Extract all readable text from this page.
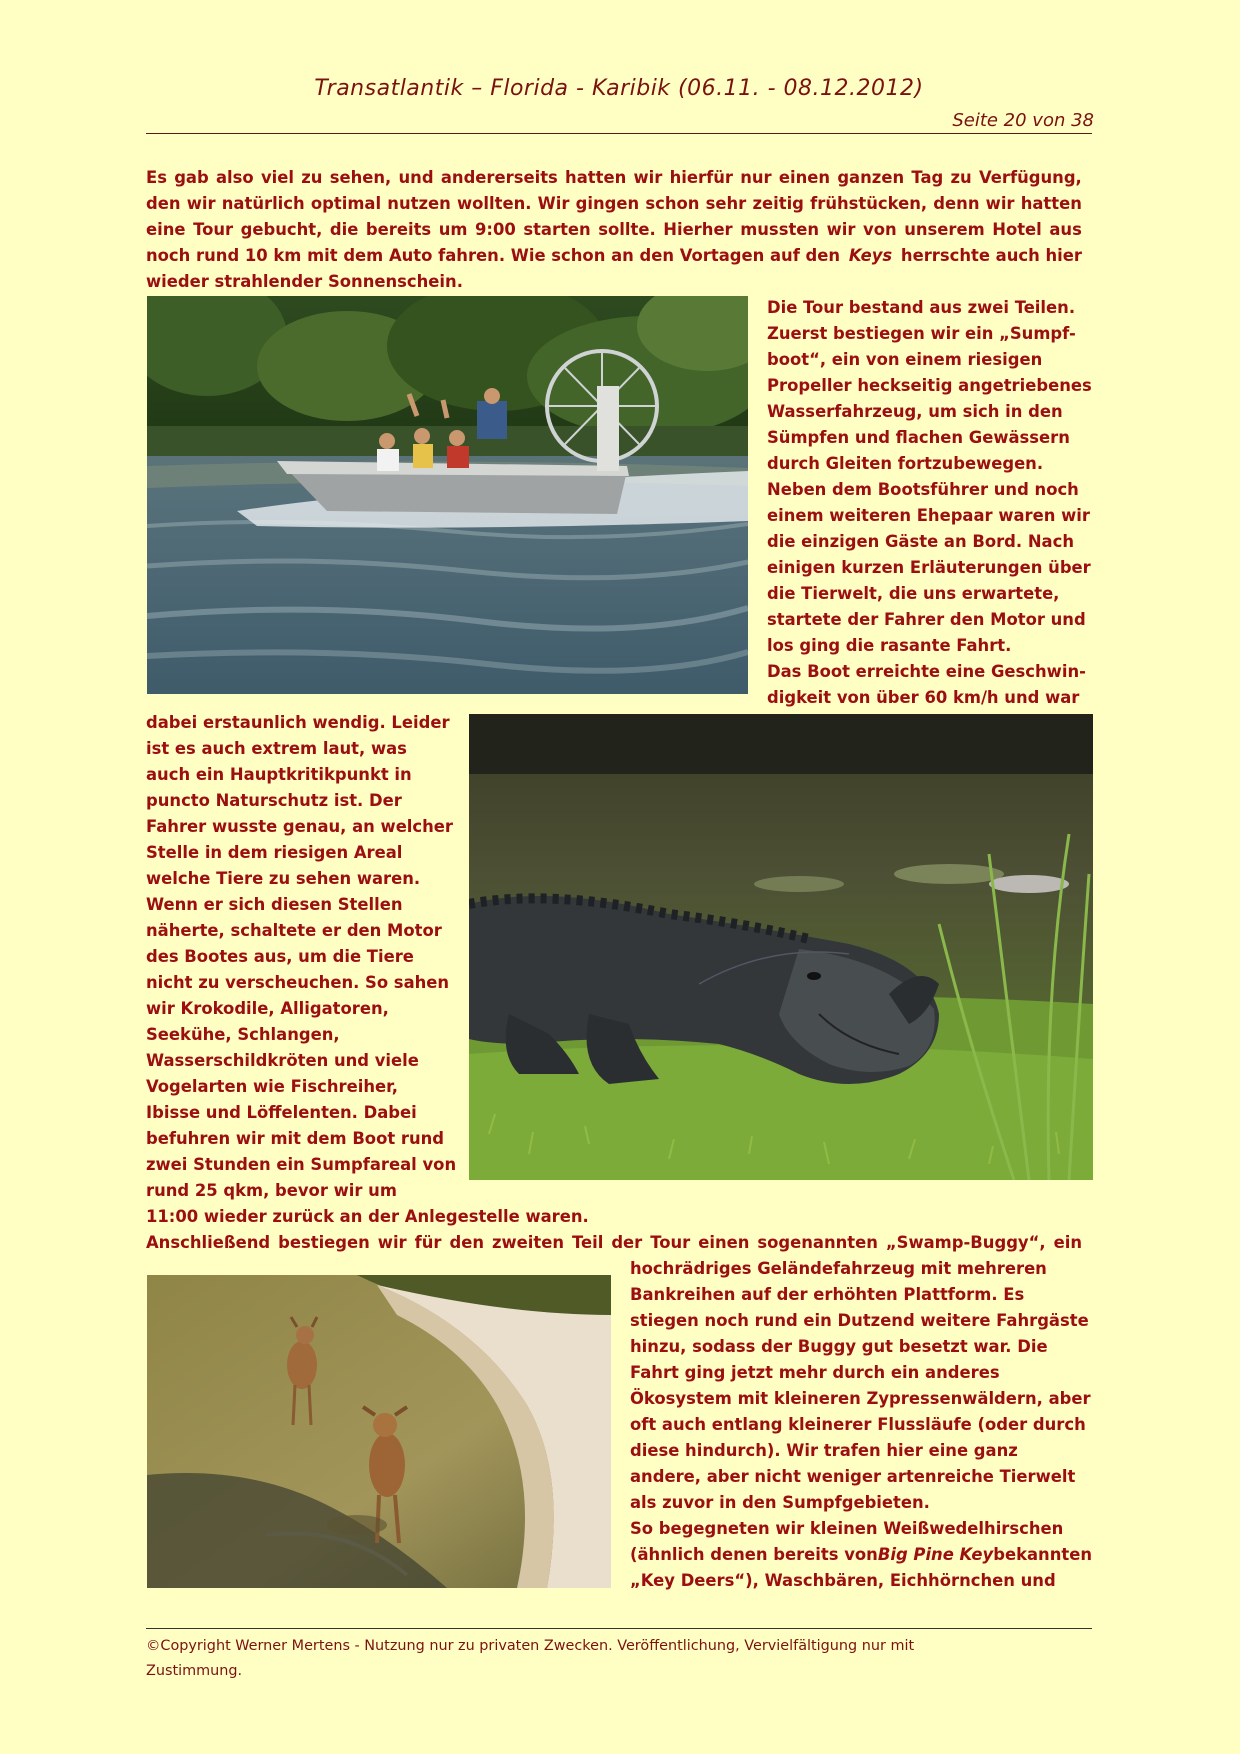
Transatlantik – Florida - Karibik (06.11. - 08.12.2012)
Seite 20 von 38
Es gab also viel zu sehen, und andererseits hatten wir hierfür nur einen ganzen Tag zu Verfügung,
den wir natürlich optimal nutzen wollten. Wir gingen schon sehr zeitig frühstücken, denn wir hatten
eine Tour gebucht, die bereits um 9:00 starten sollte. Hierher mussten wir von unserem Hotel aus
noch rund 10 km mit dem Auto fahren. Wie schon an den Vortagen auf den Keys herrschte auch hier
wieder strahlender Sonnenschein.
Die Tour bestand aus zwei Teilen.
Zuerst bestiegen wir ein „Sumpf-
boot“, ein von einem riesigen
Propeller heckseitig angetriebenes
Wasserfahrzeug, um sich in den
Sümpfen und flachen Gewässern
durch Gleiten fortzubewegen.
Neben dem Bootsführer und noch
einem weiteren Ehepaar waren wir
die einzigen Gäste an Bord. Nach
einigen kurzen Erläuterungen über
die Tierwelt, die uns erwartete,
startete der Fahrer den Motor und
los ging die rasante Fahrt.
Das Boot erreichte eine Geschwin-
digkeit von über 60 km/h und war
dabei erstaunlich wendig. Leider
ist es auch extrem laut, was
auch ein Hauptkritikpunkt in
puncto Naturschutz ist. Der
Fahrer wusste genau, an welcher
Stelle in dem riesigen Areal
welche Tiere zu sehen waren.
Wenn er sich diesen Stellen
näherte, schaltete er den Motor
des Bootes aus, um die Tiere
nicht zu verscheuchen. So sahen
wir Krokodile, Alligatoren,
Seekühe, Schlangen,
Wasserschildkröten und viele
Vogelarten wie Fischreiher,
Ibisse und Löffelenten. Dabei
befuhren wir mit dem Boot rund
zwei Stunden ein Sumpfareal von
rund 25 qkm, bevor wir um
11:00 wieder zurück an der Anlegestelle waren.
Anschließend bestiegen wir für den zweiten Teil der Tour einen sogenannten „Swamp-Buggy“, ein
hochrädriges Geländefahrzeug mit mehreren
Bankreihen auf der erhöhten Plattform. Es
stiegen noch rund ein Dutzend weitere Fahrgäste
hinzu, sodass der Buggy gut besetzt war. Die
Fahrt ging jetzt mehr durch ein anderes
Ökosystem mit kleineren Zypressenwäldern, aber
oft auch entlang kleinerer Flussläufe (oder durch
diese hindurch). Wir trafen hier eine ganz
andere, aber nicht weniger artenreiche Tierwelt
als zuvor in den Sumpfgebieten.
So begegneten wir kleinen Weißwedelhirschen
(ähnlich denen bereits von Big Pine Key bekannten
„Key Deers“), Waschbären, Eichhörnchen und
©Copyright Werner Mertens - Nutzung nur zu privaten Zwecken. Veröffentlichung, Vervielfältigung nur mit
Zustimmung.
